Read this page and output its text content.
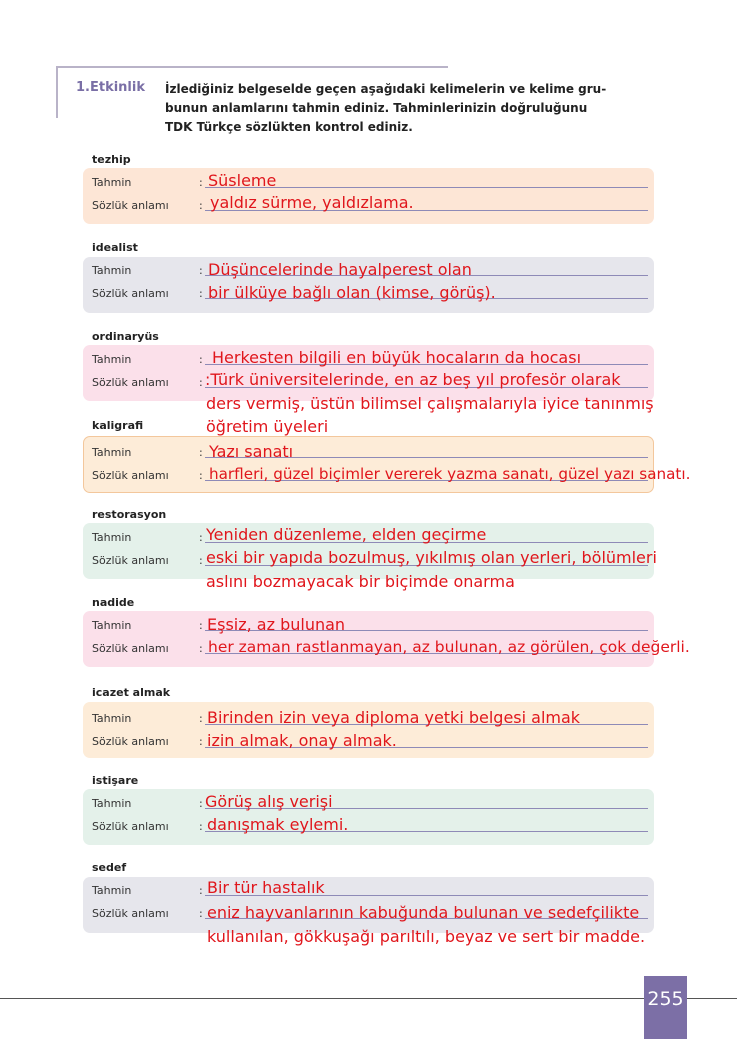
1.Etkinlik İzlediğiniz belgeselde geçen aşağıdaki kelimelerin ve kelime gru-
bunun anlamlarını tahmin ediniz. Tahminlerinizin doğruluğunu
TDK Türkçe sözlükten kontrol ediniz.
tezhip
Tahmin	: Süsleme
Sözlük anlamı	: yaldız sürme, yaldızlama.
idealist
Tahmin	: Düşüncelerinde hayalperest olan
Sözlük anlamı	: bir ülküye bağlı olan (kimse, görüş).
ordinaryüs
Tahmin	: Herkesten bilgili en büyük hocaların da hocası
Sözlük anlamı	: :Türk üniversitelerinde, en az beş yıl profesör olarak
ders vermiş, üstün bilimsel çalışmalarıyla iyice tanınmış
öğretim üyeleri
kaligrafi
Tahmin	: Yazı sanatı
Sözlük anlamı	: harfleri, güzel biçimler vererek yazma sanatı, güzel yazı sanatı.
restorasyon
Tahmin	: Yeniden düzenleme, elden geçirme
Sözlük anlamı	: eski bir yapıda bozulmuş, yıkılmış olan yerleri, bölümleri
aslını bozmayacak bir biçimde onarma
nadide
Tahmin	: Eşsiz, az bulunan
Sözlük anlamı	: her zaman rastlanmayan, az bulunan, az görülen, çok değerli.
icazet almak
Tahmin	: Birinden izin veya diploma yetki belgesi almak
Sözlük anlamı	: izin almak, onay almak.
istişare
Tahmin	: Görüş alış verişi
Sözlük anlamı	: danışmak eylemi.
sedef
Tahmin	: Bir tür hastalık
Sözlük anlamı	: eniz hayvanlarının kabuğunda bulunan ve sedefçilikte
kullanılan, gökkuşağı parıltılı, beyaz ve sert bir madde.
255
